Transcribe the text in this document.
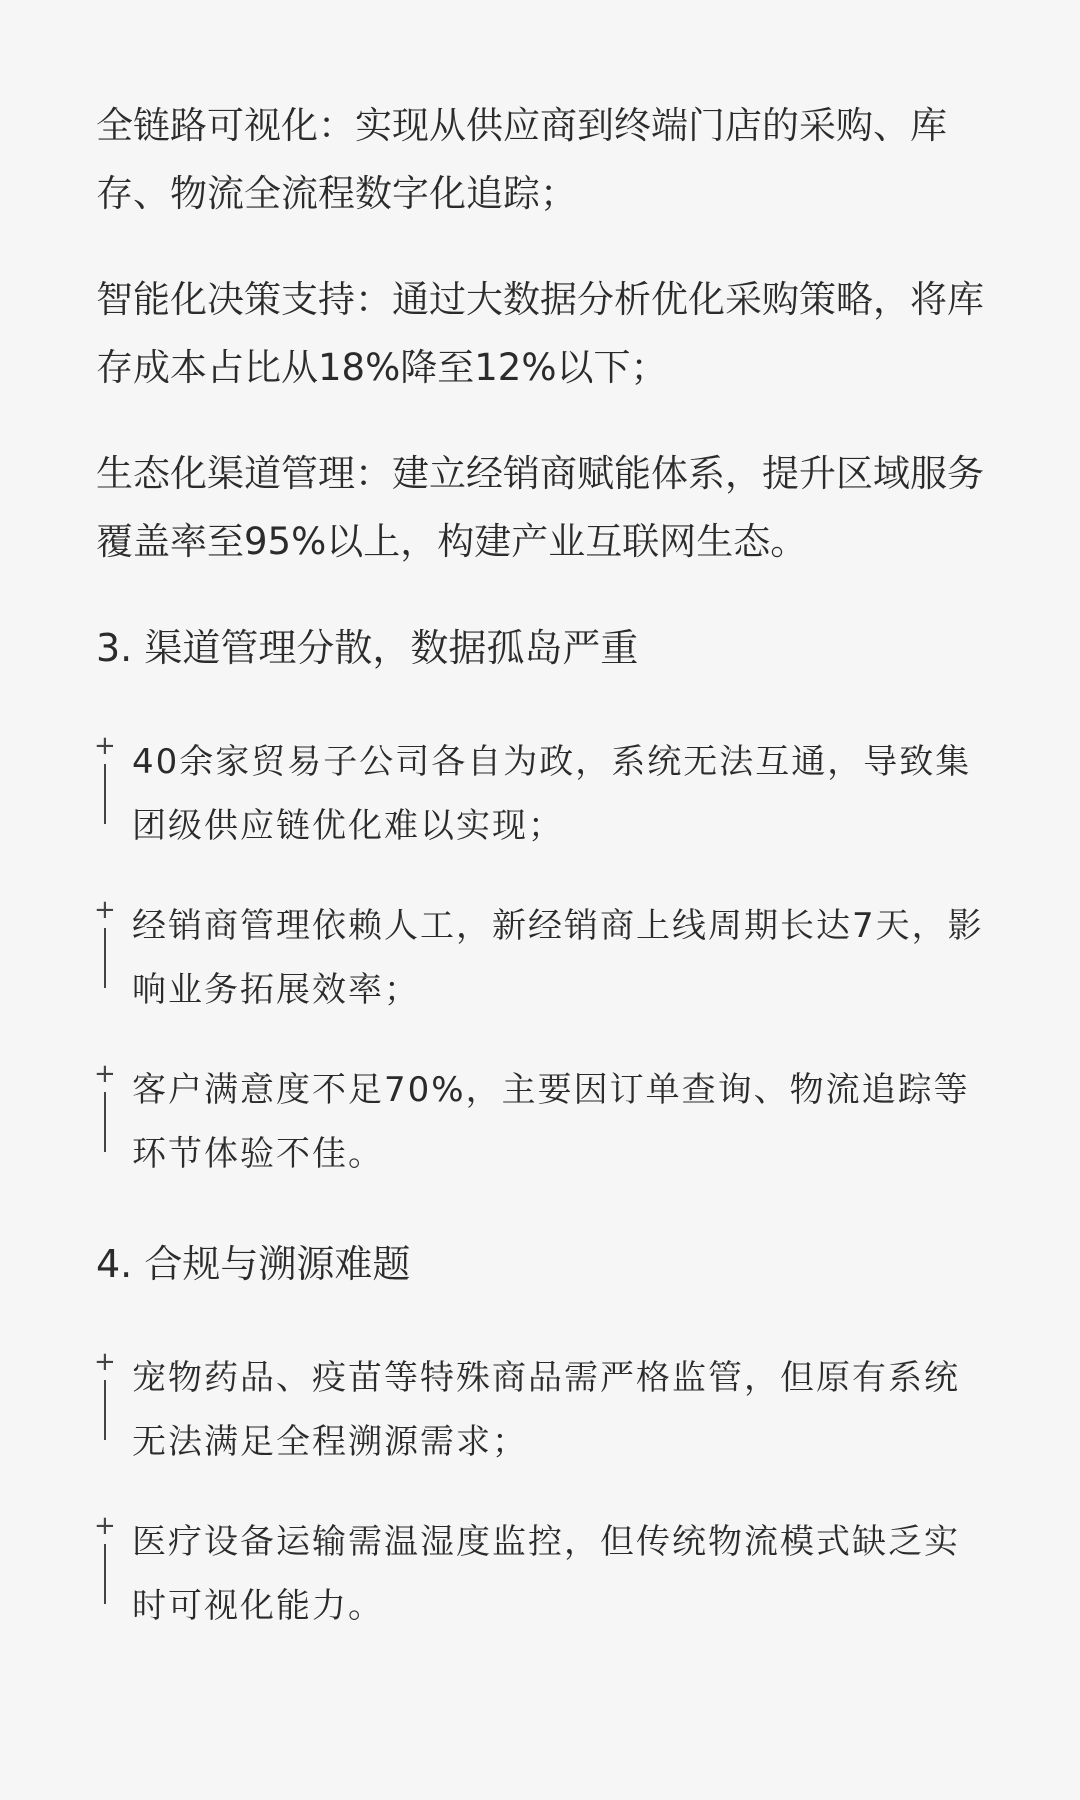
全链路可视化：实现从供应商到终端门店的采购、库存、物流全流程数字化追踪；

智能化决策支持：通过大数据分析优化采购策略，将库存成本占比从18%降至12%以下；

生态化渠道管理：建立经销商赋能体系，提升区域服务覆盖率至95%以上，构建产业互联网生态。

3. 渠道管理分散，数据孤岛严重
+ 40余家贸易子公司各自为政，系统无法互通，导致集团级供应链优化难以实现；
+ 经销商管理依赖人工，新经销商上线周期长达7天，影响业务拓展效率；
+ 客户满意度不足70%，主要因订单查询、物流追踪等环节体验不佳。
4. 合规与溯源难题
+ 宠物药品、疫苗等特殊商品需严格监管，但原有系统无法满足全程溯源需求；
+ 医疗设备运输需温湿度监控，但传统物流模式缺乏实时可视化能力。
